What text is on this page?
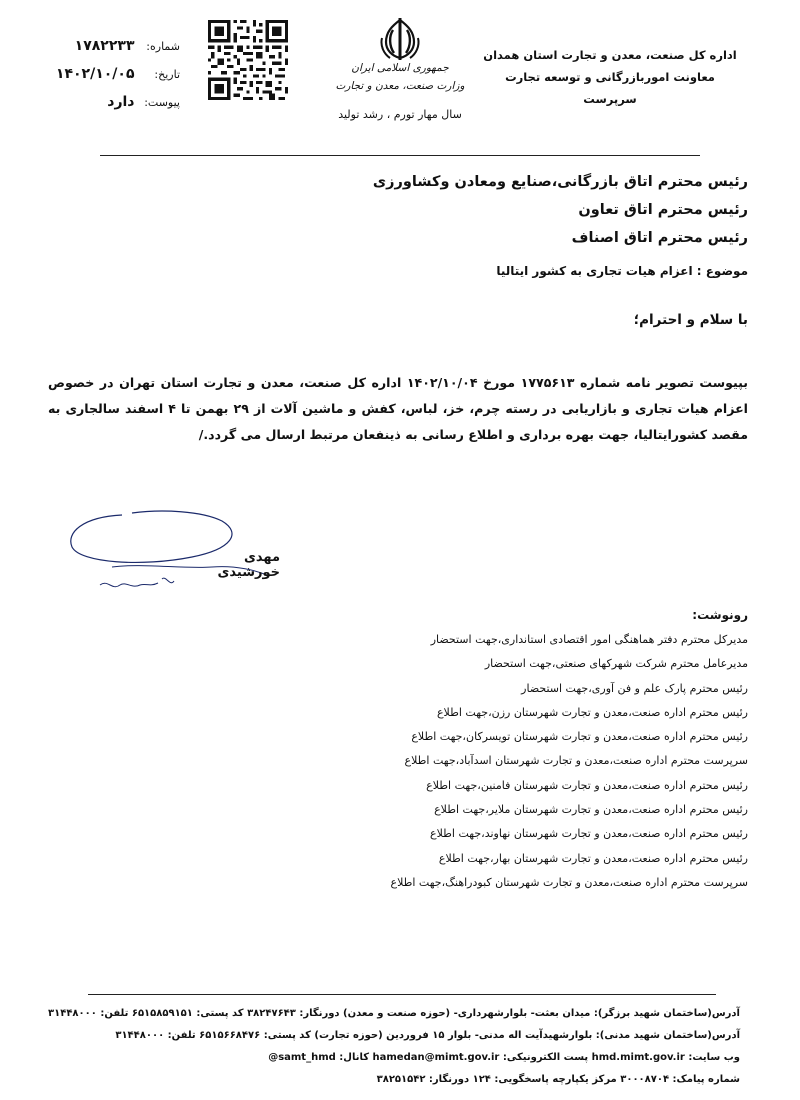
اداره کل صنعت، معدن و تجارت استان همدان
معاونت اموربازرگانی و توسعه تجارت
سرپرست
جمهوری اسلامی ایران
وزارت صنعت، معدن و تجارت
سال مهار تورم ، رشد تولید
شماره: ۱۷۸۲۲۳۳
تاریخ: ۱۴۰۲/۱۰/۰۵
پیوست: دارد
رئیس محترم اتاق بازرگانی،صنایع ومعادن وکشاورزی
رئیس محترم اتاق تعاون
رئیس محترم اتاق اصناف
موضوع : اعزام هیات تجاری به کشور ایتالیا
با سلام و احترام؛
بپیوست تصویر نامه شماره ۱۷۷۵۶۱۳ مورخ ۱۴۰۲/۱۰/۰۴ اداره کل صنعت، معدن و تجارت استان تهران در خصوص اعزام هیات تجاری و بازاریابی در رسته چرم، خز، لباس، کفش و ماشین آلات از ۲۹ بهمن تا ۴ اسفند سالجاری به مقصد کشورایتالیا، جهت بهره برداری و اطلاع رسانی به ذینفعان مرتبط ارسال می گردد./
مهدی خورشیدی
رونوشت:
مدیرکل محترم دفتر هماهنگی امور اقتصادی استانداری،جهت استحضار
مدیرعامل محترم شرکت شهرکهای صنعتی،جهت استحضار
رئیس محترم پارک علم و فن آوری،جهت استحضار
رئیس محترم اداره صنعت،معدن و تجارت شهرستان رزن،جهت اطلاع
رئیس محترم اداره صنعت،معدن و تجارت شهرستان تویسرکان،جهت اطلاع
سرپرست محترم اداره صنعت،معدن و تجارت شهرستان اسدآباد،جهت اطلاع
رئیس محترم اداره صنعت،معدن و تجارت شهرستان فامنین،جهت اطلاع
رئیس محترم اداره صنعت،معدن و تجارت شهرستان ملایر،جهت اطلاع
رئیس محترم اداره صنعت،معدن و تجارت شهرستان نهاوند،جهت اطلاع
رئیس محترم اداره صنعت،معدن و تجارت شهرستان بهار،جهت اطلاع
سرپرست محترم اداره صنعت،معدن و تجارت شهرستان کبودراهنگ،جهت اطلاع
آدرس(ساختمان شهید برزگر): میدان بعثت- بلوارشهرداری- (حوزه صنعت و معدن) دورنگار: ۳۸۲۴۷۶۴۳ کد پستی: ۶۵۱۵۸۵۹۱۵۱ تلفن: ۳۱۴۴۸۰۰۰
آدرس(ساختمان شهید مدنی): بلوارشهیدآیت اله مدنی- بلوار ۱۵ فروردین (حوزه تجارت) کد پستی: ۶۵۱۵۶۶۸۴۷۶ تلفن: ۳۱۴۴۸۰۰۰
وب سایت: hmd.mimt.gov.ir پست الکترونیکی: hamedan@mimt.gov.ir کانال: samt_hmd@
شماره پیامک: ۳۰۰۰۸۷۰۴ مرکز یکپارچه پاسخگویی: ۱۲۴ دورنگار: ۳۸۲۵۱۵۴۲
